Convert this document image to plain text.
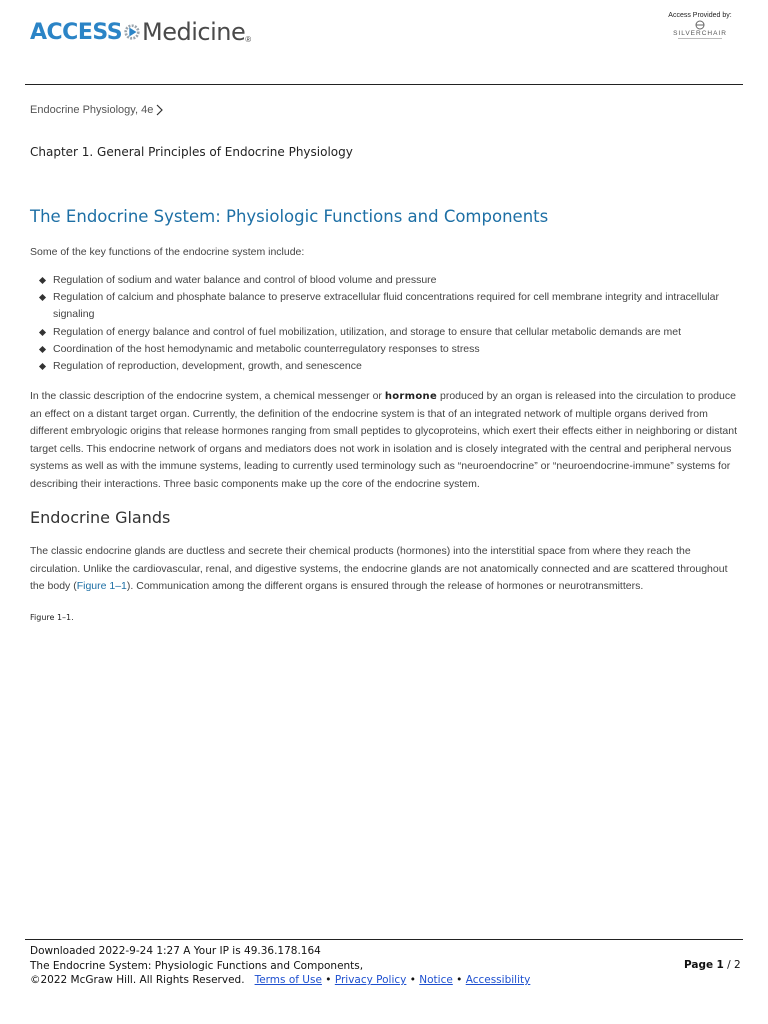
ACCESS Medicine ®
Access Provided by:
SILVERCHAIR
Endocrine Physiology, 4e
Chapter 1. General Principles of Endocrine Physiology
The Endocrine System: Physiologic Functions and Components
Some of the key functions of the endocrine system include:
Regulation of sodium and water balance and control of blood volume and pressure
Regulation of calcium and phosphate balance to preserve extracellular fluid concentrations required for cell membrane integrity and intracellular signaling
Regulation of energy balance and control of fuel mobilization, utilization, and storage to ensure that cellular metabolic demands are met
Coordination of the host hemodynamic and metabolic counterregulatory responses to stress
Regulation of reproduction, development, growth, and senescence

In the classic description of the endocrine system, a chemical messenger or hormone produced by an organ is released into the circulation to produce an effect on a distant target organ. Currently, the definition of the endocrine system is that of an integrated network of multiple organs derived from different embryologic origins that release hormones ranging from small peptides to glycoproteins, which exert their effects either in neighboring or distant target cells. This endocrine network of organs and mediators does not work in isolation and is closely integrated with the central and peripheral nervous systems as well as with the immune systems, leading to currently used terminology such as “neuroendocrine” or “neuroendocrine-immune” systems for describing their interactions. Three basic components make up the core of the endocrine system.

Endocrine Glands

The classic endocrine glands are ductless and secrete their chemical products (hormones) into the interstitial space from where they reach the circulation. Unlike the cardiovascular, renal, and digestive systems, the endocrine glands are not anatomically connected and are scattered throughout the body (Figure 1–1). Communication among the different organs is ensured through the release of hormones or neurotransmitters.

Figure 1–1.
Downloaded 2022-9-24 1:27 A Your IP is 49.36.178.164
The Endocrine System: Physiologic Functions and Components,
©2022 McGraw Hill. All Rights Reserved. Terms of Use • Privacy Policy • Notice • Accessibility
Page 1 / 2
